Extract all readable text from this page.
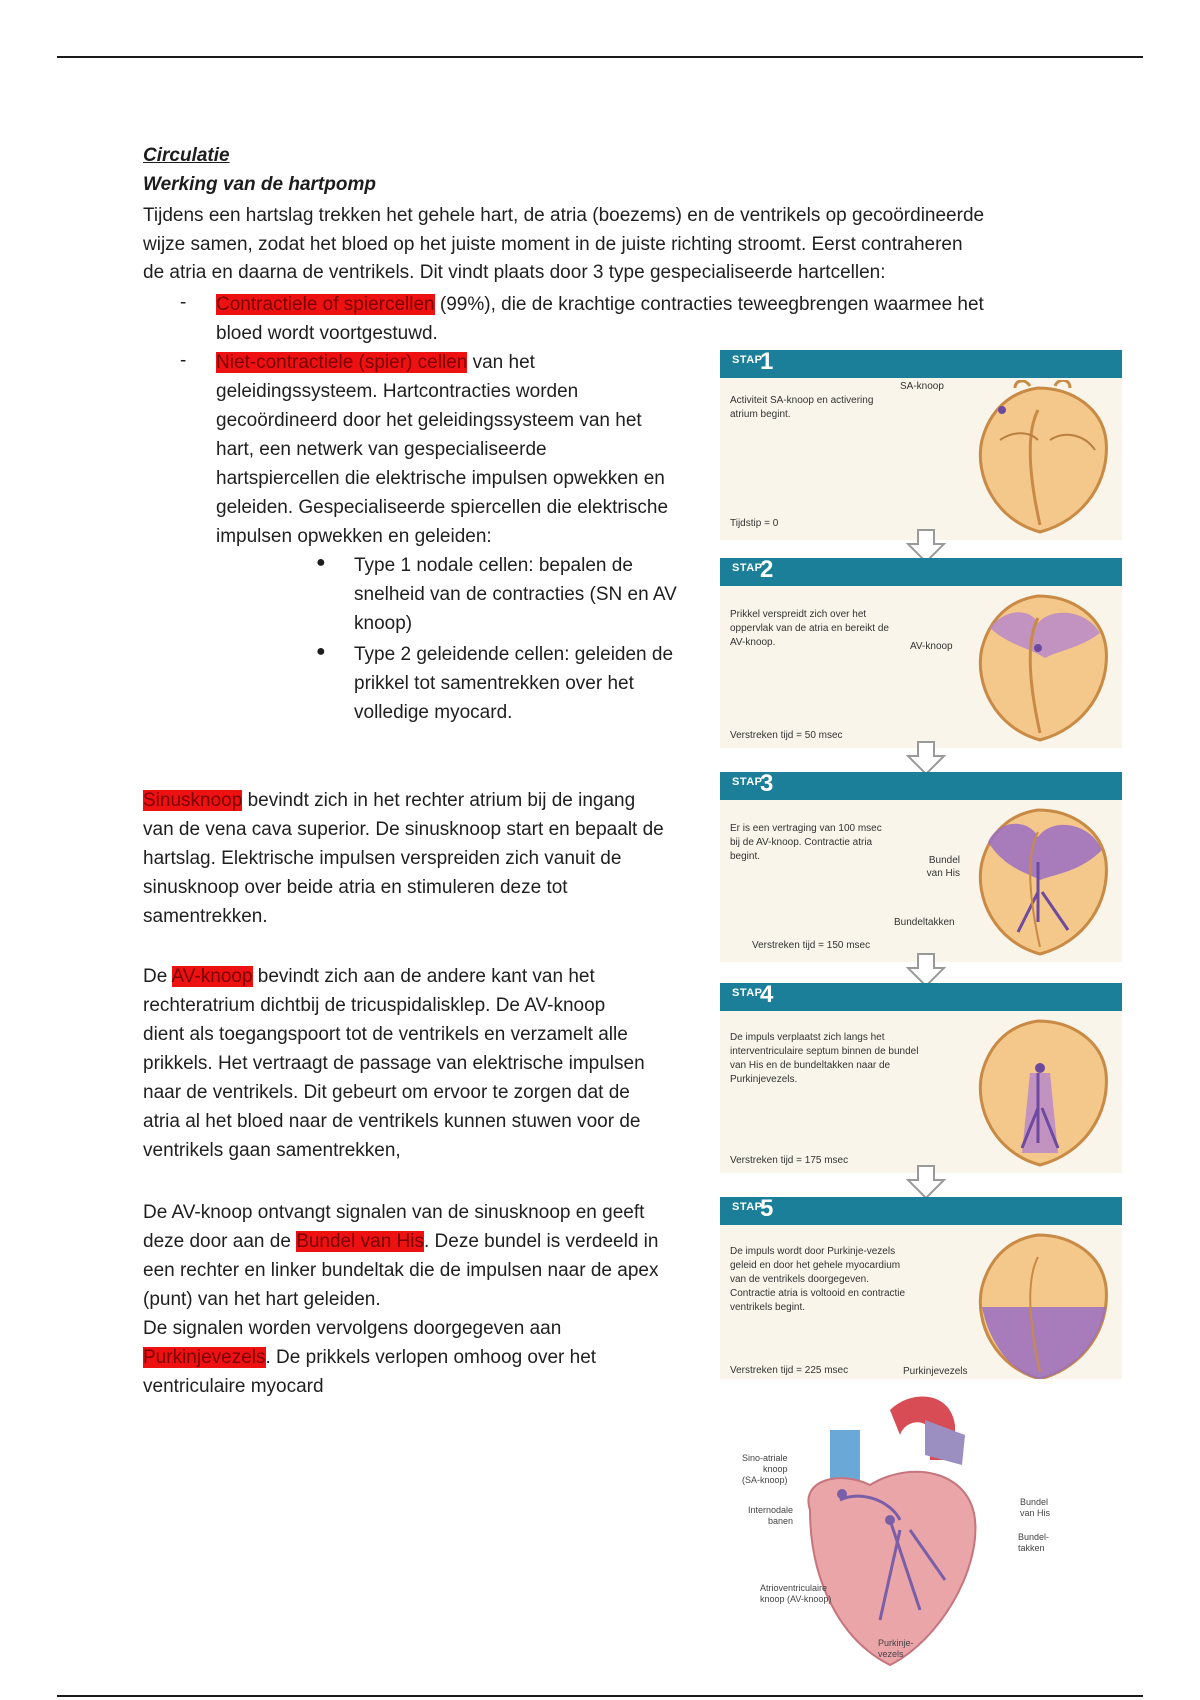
Circulatie
Werking van de hartpomp
Tijdens een hartslag trekken het gehele hart, de atria (boezems) en de ventrikels op gecoördineerde
wijze samen, zodat het bloed op het juiste moment in de juiste richting stroomt. Eerst contraheren
de atria en daarna de ventrikels. Dit vindt plaats door 3 type gespecialiseerde hartcellen:
- Contractiele of spiercellen (99%), die de krachtige contracties teweegbrengen waarmee het
bloed wordt voortgestuwd.
- Niet-contractiele (spier) cellen van het
geleidingssysteem. Hartcontracties worden
gecoördineerd door het geleidingssysteem van het
hart, een netwerk van gespecialiseerde
hartspiercellen die elektrische impulsen opwekken en
geleiden. Gespecialiseerde spiercellen die elektrische
impulsen opwekken en geleiden:
● Type 1 nodale cellen: bepalen de
snelheid van de contracties (SN en AV
knoop)
● Type 2 geleidende cellen: geleiden de
prikkel tot samentrekken over het
volledige myocard.
Sinusknoop bevindt zich in het rechter atrium bij de ingang
van de vena cava superior. De sinusknoop start en bepaalt de
hartslag. Elektrische impulsen verspreiden zich vanuit de
sinusknoop over beide atria en stimuleren deze tot
samentrekken.
De AV-knoop bevindt zich aan de andere kant van het
rechteratrium dichtbij de tricuspidalisklep. De AV-knoop
dient als toegangspoort tot de ventrikels en verzamelt alle
prikkels. Het vertraagt de passage van elektrische impulsen
naar de ventrikels. Dit gebeurt om ervoor te zorgen dat de
atria al het bloed naar de ventrikels kunnen stuwen voor de
ventrikels gaan samentrekken,
De AV-knoop ontvangt signalen van de sinusknoop en geeft
deze door aan de Bundel van His. Deze bundel is verdeeld in
een rechter en linker bundeltak die de impulsen naar de apex
(punt) van het hart geleiden.
De signalen worden vervolgens doorgegeven aan
Purkinjevezels. De prikkels verlopen omhoog over het
ventriculaire myocard
STAP
1
Activiteit SA-knoop en activering atrium begint.
Tijdstip = 0
SA-knoop
STAP
2
Prikkel verspreidt zich over het oppervlak van de atria en bereikt de AV-knoop.
Verstreken tijd = 50 msec
AV-knoop
STAP
3
Er is een vertraging van 100 msec bij de AV-knoop. Contractie atria begint.
Verstreken tijd = 150 msec
Bundel van His
Bundeltakken
STAP
4
De impuls verplaatst zich langs het interventriculaire septum binnen de bundel van His en de bundeltakken naar de Purkinjevezels.
Verstreken tijd = 175 msec
STAP
5
De impuls wordt door Purkinje-vezels geleid en door het gehele myocardium van de ventrikels doorgegeven. Contractie atria is voltooid en contractie ventrikels begint.
Verstreken tijd = 225 msec	Purkinjevezels
Sino-atriale
knoop
(SA-knoop)
Internodale
banen
Atrioventriculaire
knoop (AV-knoop)
Bundel
van His
Bundel-
takken
Purkinje-
vezels
